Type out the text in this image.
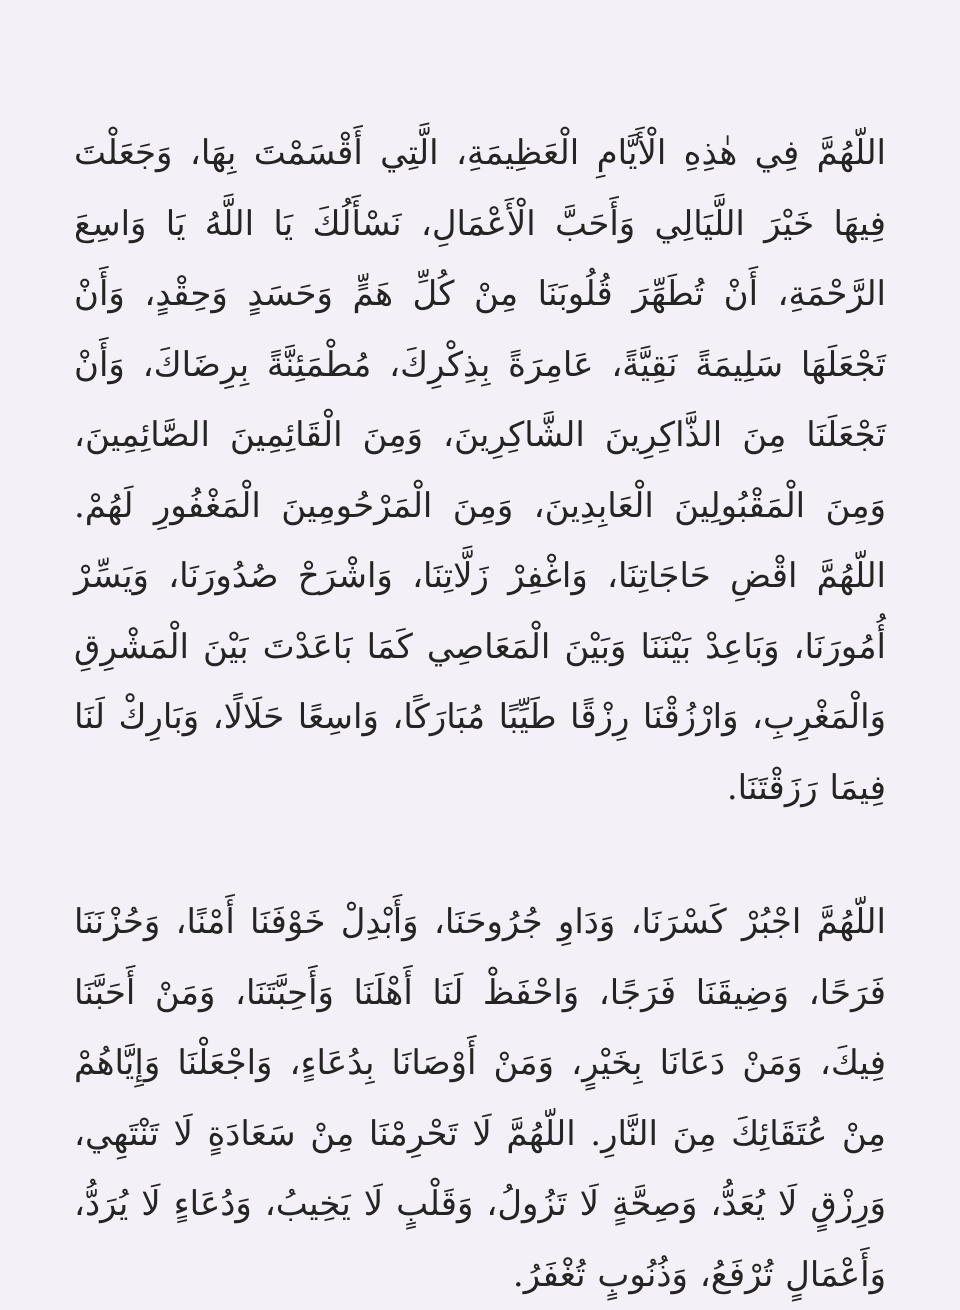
اللّهُمَّ فِي هٰذِهِ الْأَيَّامِ الْعَظِيمَةِ، الَّتِي أَقْسَمْتَ بِهَا، وَجَعَلْتَ فِيهَا خَيْرَ اللَّيَالِي وَأَحَبَّ الْأَعْمَالِ، نَسْأَلُكَ يَا اللَّهُ يَا وَاسِعَ الرَّحْمَةِ، أَنْ تُطَهِّرَ قُلُوبَنَا مِنْ كُلِّ هَمٍّ وَحَسَدٍ وَحِقْدٍ، وَأَنْ تَجْعَلَهَا سَلِيمَةً نَقِيَّةً، عَامِرَةً بِذِكْرِكَ، مُطْمَئِنَّةً بِرِضَاكَ، وَأَنْ تَجْعَلَنَا مِنَ الذَّاكِرِينَ الشَّاكِرِينَ، وَمِنَ الْقَائِمِينَ الصَّائِمِينَ، وَمِنَ الْمَقْبُولِينَ الْعَابِدِينَ، وَمِنَ الْمَرْحُومِينَ الْمَغْفُورِ لَهُمْ. اللّهُمَّ اقْضِ حَاجَاتِنَا، وَاغْفِرْ زَلَّاتِنَا، وَاشْرَحْ صُدُورَنَا، وَيَسِّرْ أُمُورَنَا، وَبَاعِدْ بَيْنَنَا وَبَيْنَ الْمَعَاصِي كَمَا بَاعَدْتَ بَيْنَ الْمَشْرِقِ وَالْمَغْرِبِ، وَارْزُقْنَا رِزْقًا طَيِّبًا مُبَارَكًا، وَاسِعًا حَلَالًا، وَبَارِكْ لَنَا فِيمَا رَزَقْتَنَا.

اللّهُمَّ اجْبُرْ كَسْرَنَا، وَدَاوِ جُرُوحَنَا، وَأَبْدِلْ خَوْفَنَا أَمْنًا، وَحُزْنَنَا فَرَحًا، وَضِيقَنَا فَرَجًا، وَاحْفَظْ لَنَا أَهْلَنَا وَأَحِبَّتَنَا، وَمَنْ أَحَبَّنَا فِيكَ، وَمَنْ دَعَانَا بِخَيْرٍ، وَمَنْ أَوْصَانَا بِدُعَاءٍ، وَاجْعَلْنَا وَإِيَّاهُمْ مِنْ عُتَقَائِكَ مِنَ النَّارِ. اللّهُمَّ لَا تَحْرِمْنَا مِنْ سَعَادَةٍ لَا تَنْتَهِي، وَرِزْقٍ لَا يُعَدُّ، وَصِحَّةٍ لَا تَزُولُ، وَقَلْبٍ لَا يَخِيبُ، وَدُعَاءٍ لَا يُرَدُّ، وَأَعْمَالٍ تُرْفَعُ، وَذُنُوبٍ تُغْفَرُ.
